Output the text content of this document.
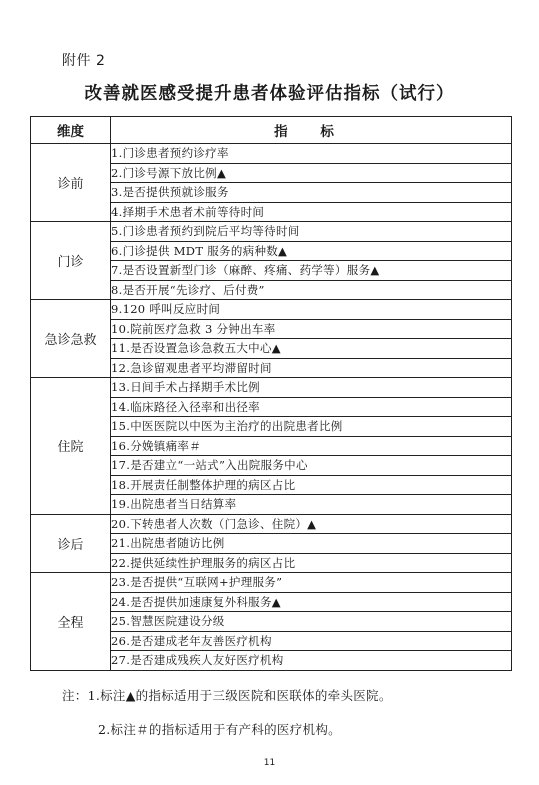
附件 2
改善就医感受提升患者体验评估指标（试行）
维度	指 标
诊前	1.门诊患者预约诊疗率
	2.门诊号源下放比例▲
	3.是否提供预就诊服务
	4.择期手术患者术前等待时间
门诊	5.门诊患者预约到院后平均等待时间
	6.门诊提供 MDT 服务的病种数▲
	7.是否设置新型门诊（麻醉、疼痛、药学等）服务▲
	8.是否开展“先诊疗、后付费”
急诊急救	9.120 呼叫反应时间
	10.院前医疗急救 3 分钟出车率
	11.是否设置急诊急救五大中心▲
	12.急诊留观患者平均滞留时间
住院	13.日间手术占择期手术比例
	14.临床路径入径率和出径率
	15.中医医院以中医为主治疗的出院患者比例
	16.分娩镇痛率＃
	17.是否建立“一站式”入出院服务中心
	18.开展责任制整体护理的病区占比
	19.出院患者当日结算率
诊后	20.下转患者人次数（门急诊、住院）▲
	21.出院患者随访比例
	22.提供延续性护理服务的病区占比
全程	23.是否提供“互联网+护理服务”
	24.是否提供加速康复外科服务▲
	25.智慧医院建设分级
	26.是否建成老年友善医疗机构
	27.是否建成残疾人友好医疗机构
注：1.标注▲的指标适用于三级医院和医联体的牵头医院。
2.标注＃的指标适用于有产科的医疗机构。
11
